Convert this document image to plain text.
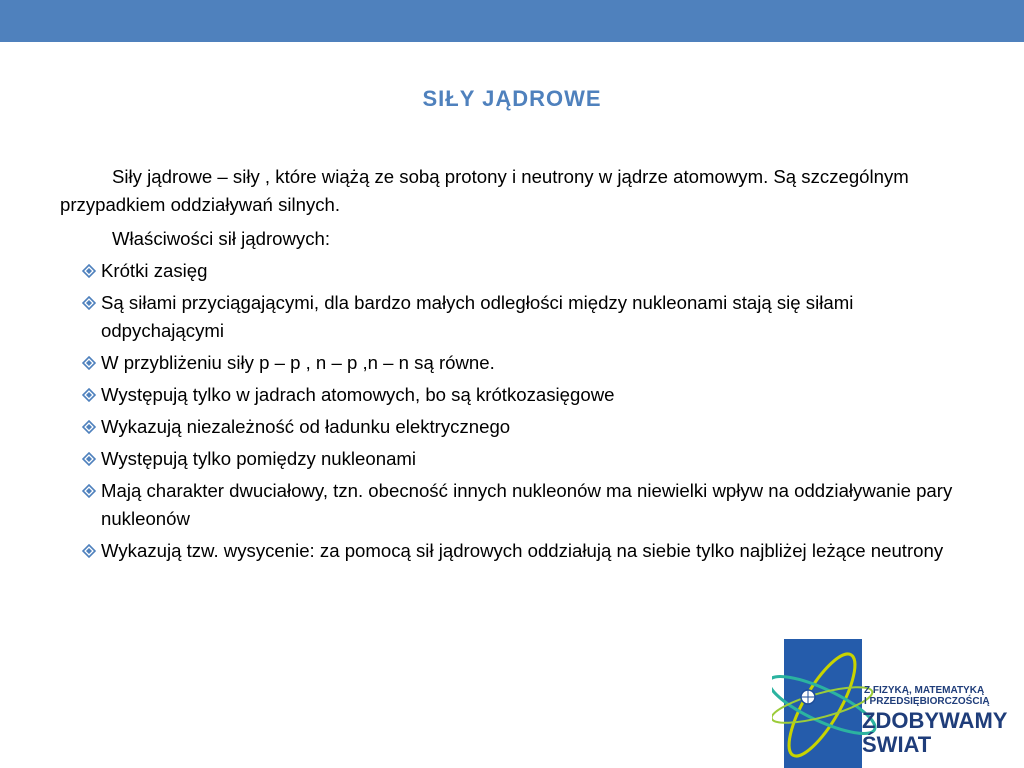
SIŁY JĄDROWE

Siły jądrowe – siły , które wiążą ze sobą protony i neutrony w jądrze atomowym. Są szczególnym przypadkiem oddziaływań silnych.

Właściwości sił jądrowych:

Krótki zasięg
Są siłami przyciągającymi, dla bardzo małych odległości między nukleonami stają się siłami odpychającymi
W przybliżeniu siły p – p , n – p ,n – n są równe.
Występują tylko w jadrach atomowych, bo są krótkozasięgowe
Wykazują niezależność od ładunku elektrycznego
Występują tylko pomiędzy nukleonami
Mają charakter dwuciałowy, tzn. obecność innych nukleonów ma niewielki wpływ na oddziaływanie pary nukleonów
Wykazują tzw. wysycenie: za pomocą sił jądrowych oddziałują na siebie tylko najbliżej leżące neutrony
Z FIZYKĄ, MATEMATYKĄ
I PRZEDSIĘBIORCZOŚCIĄ
ZDOBYWAMY
ŚWIAT
